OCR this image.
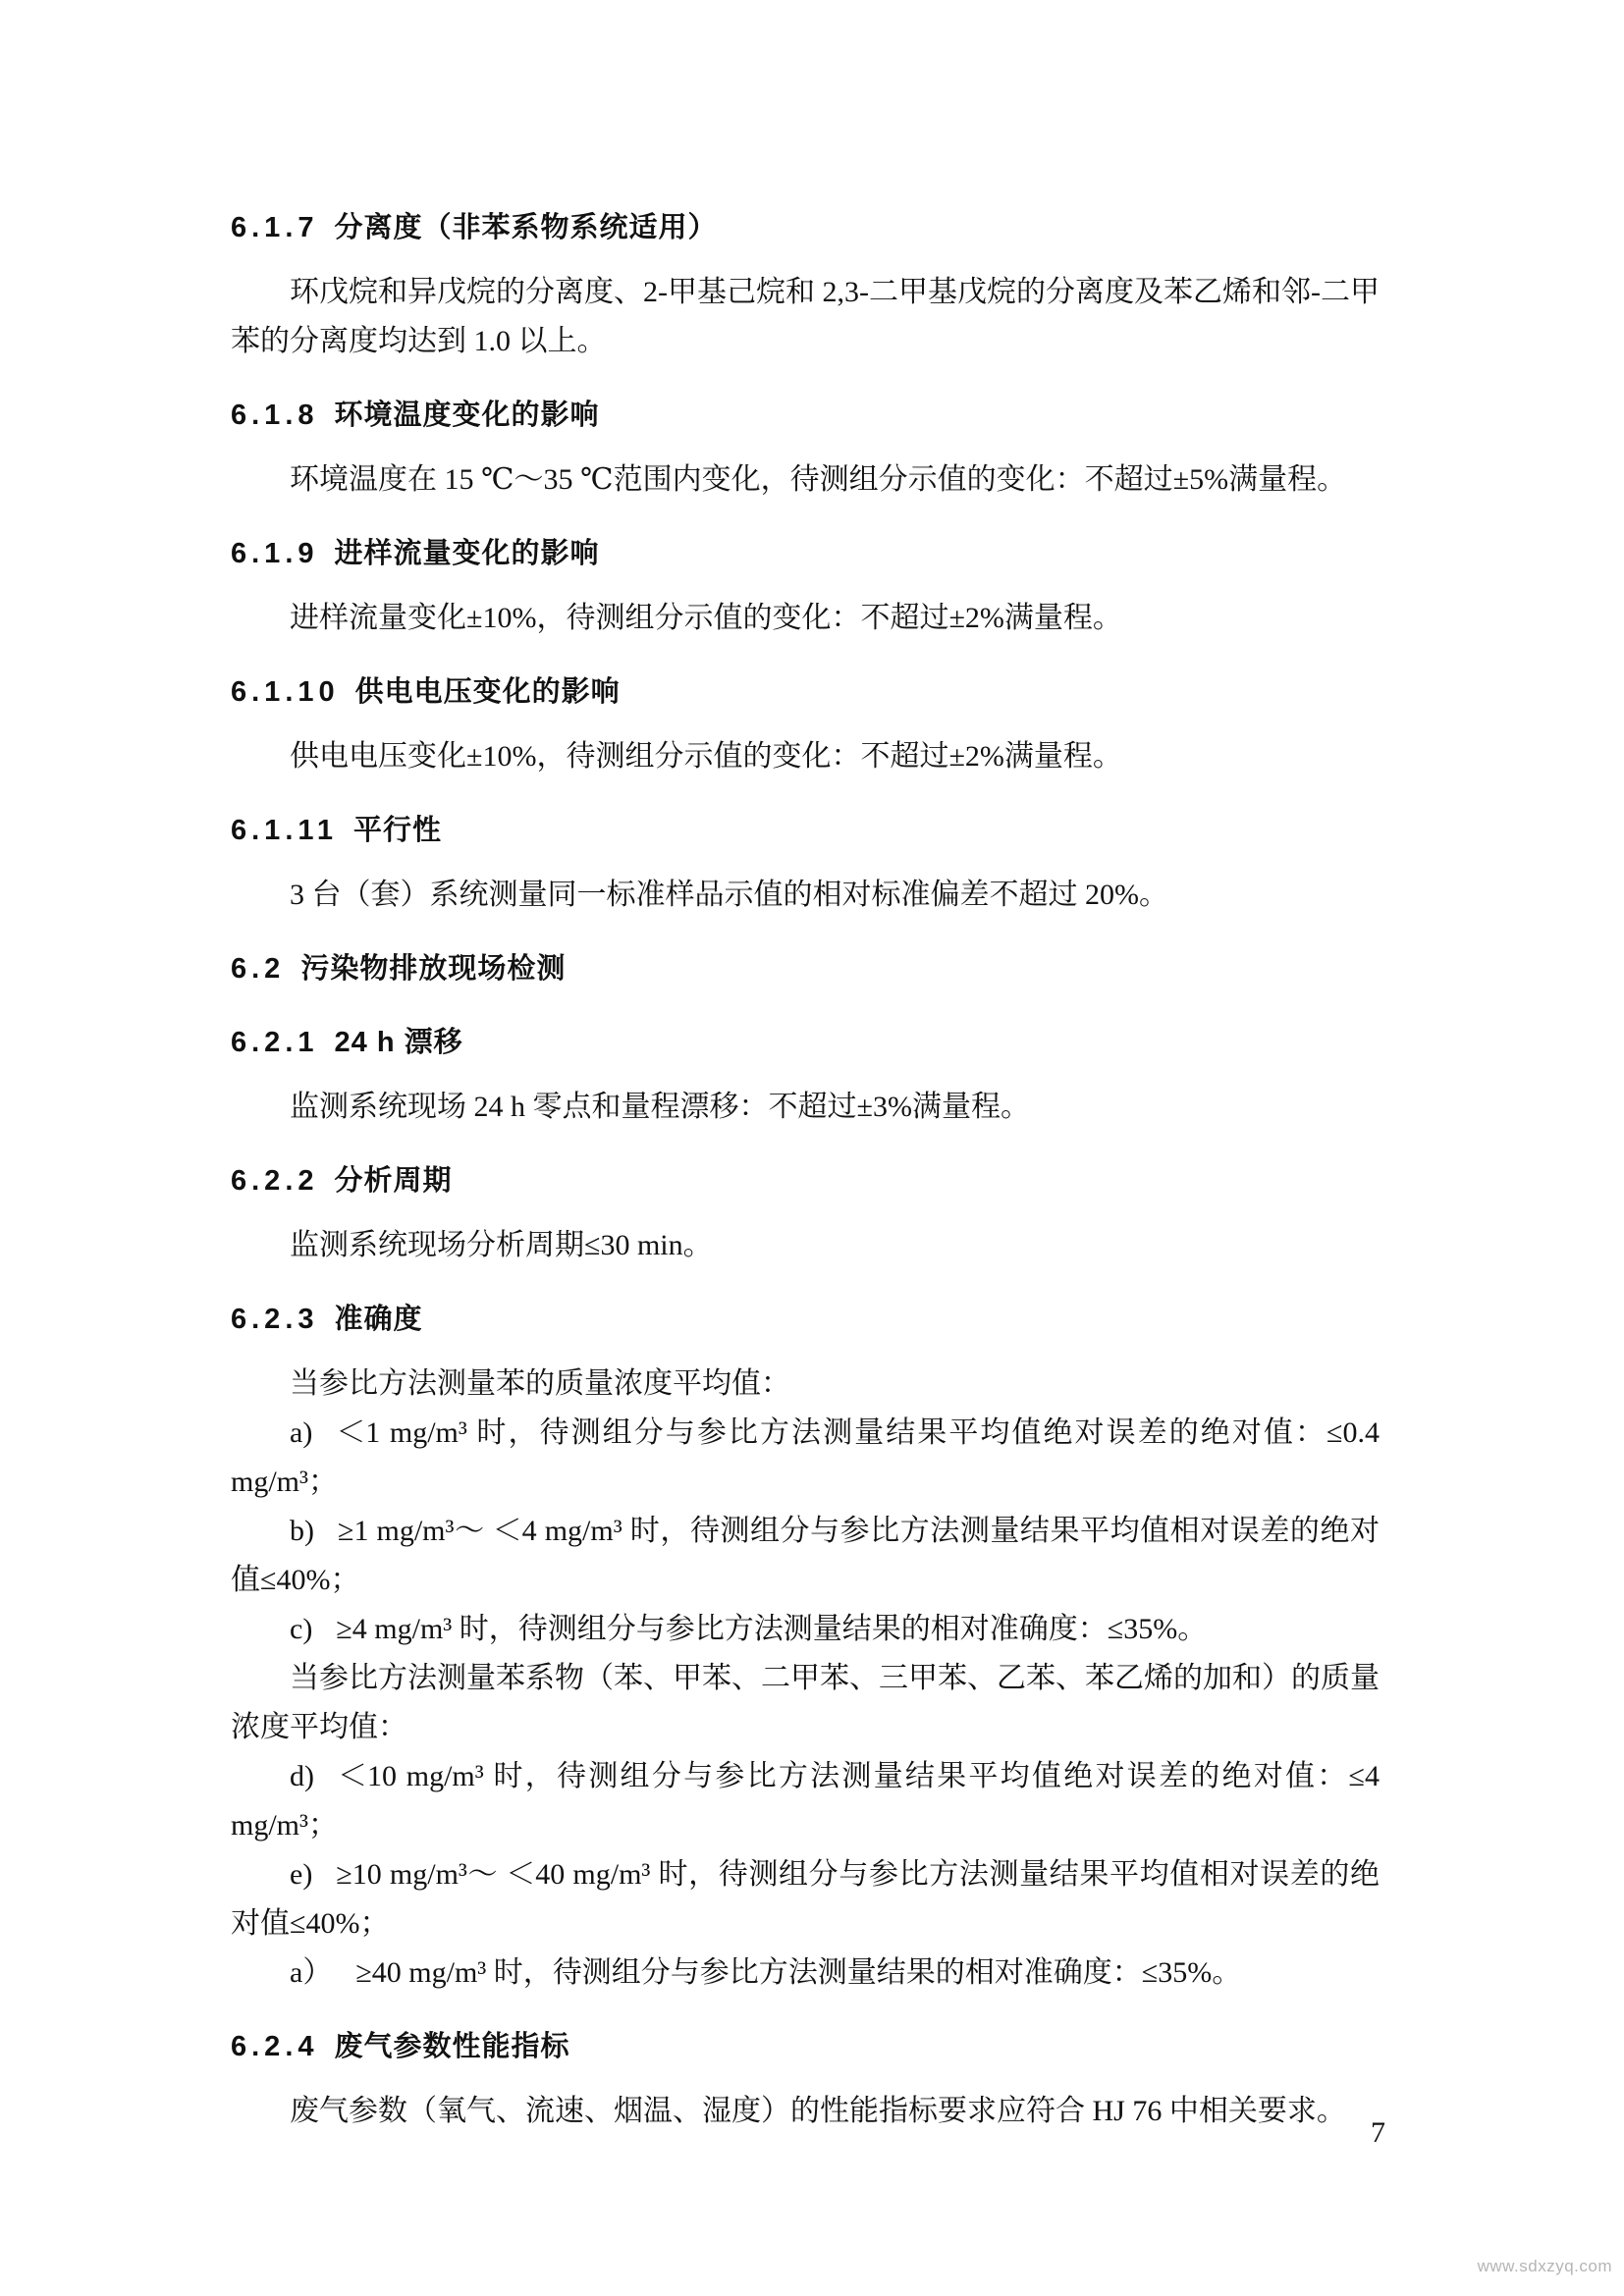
6.1.7 分离度（非苯系物系统适用）

环戊烷和异戊烷的分离度、2-甲基己烷和 2,3-二甲基戊烷的分离度及苯乙烯和邻-二甲苯的分离度均达到 1.0 以上。

6.1.8 环境温度变化的影响

环境温度在 15 ℃～35 ℃范围内变化，待测组分示值的变化：不超过±5%满量程。

6.1.9 进样流量变化的影响

进样流量变化±10%，待测组分示值的变化：不超过±2%满量程。

6.1.10 供电电压变化的影响

供电电压变化±10%，待测组分示值的变化：不超过±2%满量程。

6.1.11 平行性

3 台（套）系统测量同一标准样品示值的相对标准偏差不超过 20%。

6.2 污染物排放现场检测
6.2.1 24 h 漂移

监测系统现场 24 h 零点和量程漂移：不超过±3%满量程。

6.2.2 分析周期

监测系统现场分析周期≤30 min。

6.2.3 准确度

当参比方法测量苯的质量浓度平均值：

a) ＜1 mg/m³ 时，待测组分与参比方法测量结果平均值绝对误差的绝对值：≤0.4 mg/m³；

b) ≥1 mg/m³～ ＜4 mg/m³ 时，待测组分与参比方法测量结果平均值相对误差的绝对值≤40%；

c) ≥4 mg/m³ 时，待测组分与参比方法测量结果的相对准确度：≤35%。

当参比方法测量苯系物（苯、甲苯、二甲苯、三甲苯、乙苯、苯乙烯的加和）的质量浓度平均值：

d) ＜10 mg/m³ 时，待测组分与参比方法测量结果平均值绝对误差的绝对值：≤4 mg/m³；

e) ≥10 mg/m³～ ＜40 mg/m³ 时，待测组分与参比方法测量结果平均值相对误差的绝对值≤40%；

a） ≥40 mg/m³ 时，待测组分与参比方法测量结果的相对准确度：≤35%。

6.2.4 废气参数性能指标

废气参数（氧气、流速、烟温、湿度）的性能指标要求应符合 HJ 76 中相关要求。

7
www.sdxzyq.com
